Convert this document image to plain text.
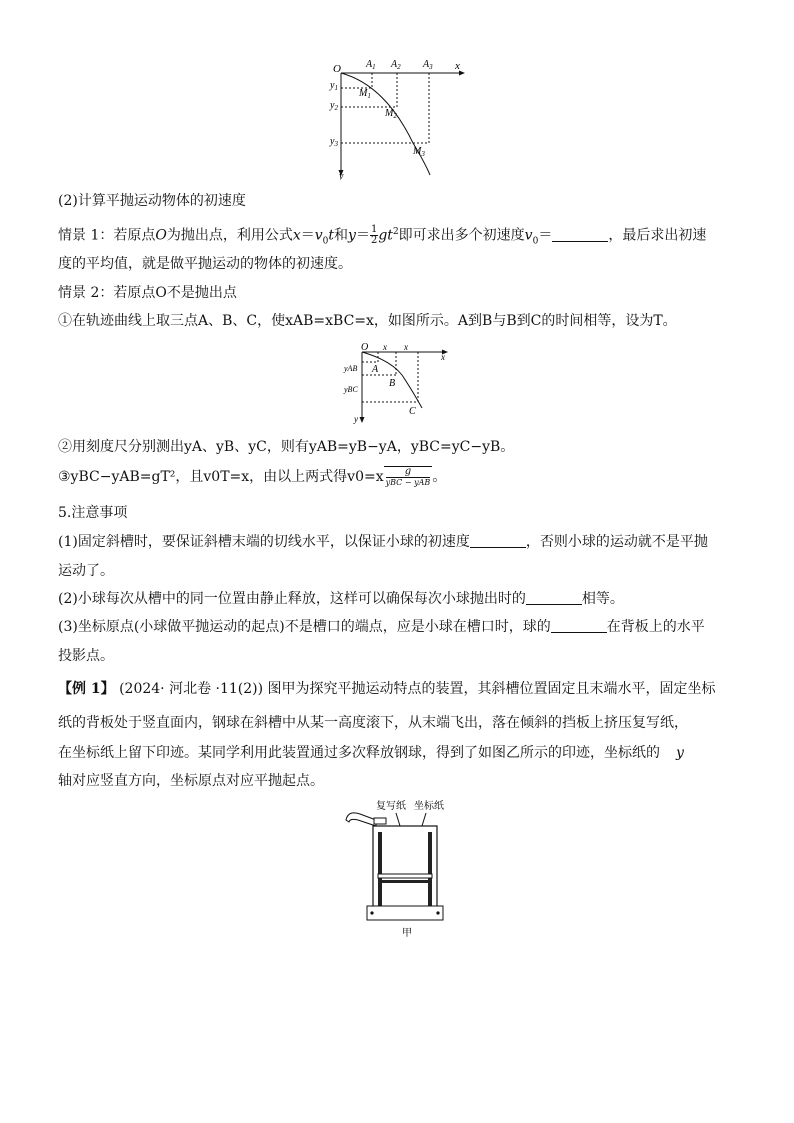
O	x
y
$A_1$ $A_2$ $A_3$
$y_1$
$y_2$
$y_3$
$M_1$
$M_2$
$M_3$
(2)计算平抛运动物体的初速度
情景 1：若原点O为抛出点，利用公式$x=v_0t$和$y= \frac{1}{2} gt^2$即可求出多个初速度$v_0=$	，最后求出初速
度的平均值，就是做平抛运动的物体的初速度。
情景 2：若原点O不是抛出点
①在轨迹曲线上取三点A、B、C，使xAB=xBC=x，如图所示。A到B与B到C的时间相等，设为T。
O x x
x
y
yAB
yBC
A
B
C
②用刻度尺分别测出yA、yB、yC，则有yAB=yB−yA，yBC=yC−yB。
③yBC−yAB=gT²，且v0T=x，由以上两式得$v0=x \frac{g}{\text{yBC − yAB}}$ 。
5.注意事项
(1)固定斜槽时，要保证斜槽末端的切线水平，以保证小球的初速度	，否则小球的运动就不是平抛
运动了。
(2)小球每次从槽中的同一位置由静止释放，这样可以确保每次小球抛出时的	相等。
(3)坐标原点(小球做平抛运动的起点)不是槽口的端点，应是小球在槽口时，球的	在背板上的水平
投影点。
【例 1】 (2024· 河北卷 ·11(2)) 图甲为探究平抛运动特点的装置，其斜槽位置固定且末端水平，固定坐标
纸的背板处于竖直面内，钢球在斜槽中从某一高度滚下，从末端飞出，落在倾斜的挡板上挤压复写纸，
在坐标纸上留下印迹。某同学利用此装置通过多次释放钢球，得到了如图乙所示的印迹，坐标纸的 y
轴对应竖直方向，坐标原点对应平抛起点。
复写纸 坐标纸
甲
